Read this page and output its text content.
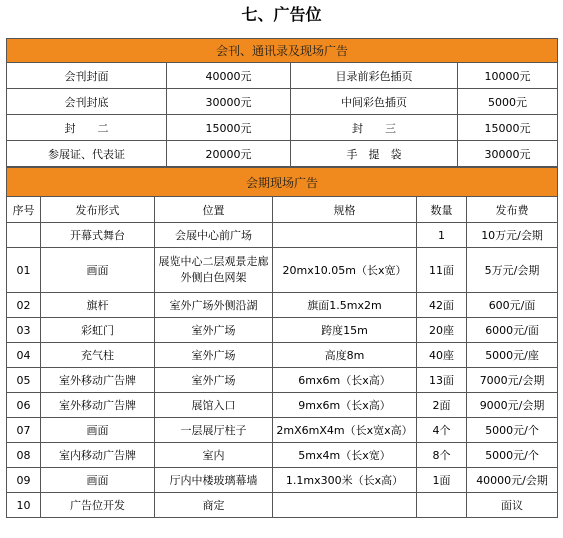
七、广告位
会刊、通讯录及现场广告			
会刊封面	40000元	目录前彩色插页	10000元
会刊封底	30000元	中间彩色插页	5000元
封　　二	15000元	封　　三	15000元
参展证、代表证	20000元	手　提　袋	30000元
会期现场广告					
序号	发布形式	位置	规格	数量	发布费
	开幕式舞台	会展中心前广场		1	10万元/会期
01	画面	展览中心二层观景走廊外侧白色网架	20mx10.05m（长x宽）	11面	5万元/会期
02	旗杆	室外广场外侧沿湖	旗面1.5mx2m	42面	600元/面
03	彩虹门	室外广场	跨度15m	20座	6000元/面
04	充气柱	室外广场	高度8m	40座	5000元/座
05	室外移动广告牌	室外广场	6mx6m（长x高）	13面	7000元/会期
06	室外移动广告牌	展馆入口	9mx6m（长x高）	2面	9000元/会期
07	画面	一层展厅柱子	2mX6mX4m（长x宽x高）	4个	5000元/个
08	室内移动广告牌	室内	5mx4m（长x宽）	8个	5000元/个
09	画面	厅内中楼玻璃幕墙	1.1mx300米（长x高）	1面	40000元/会期
10	广告位开发	商定			面议
